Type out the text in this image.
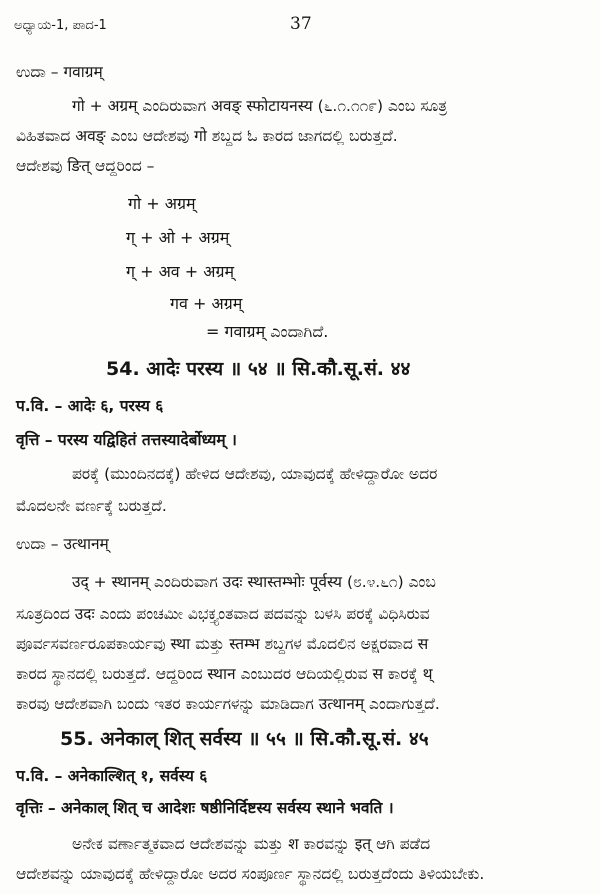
ಅಧ್ಯಾಯ-1, ಪಾದ-1	37
ಉದಾ – गवाग्रम्
गो + अग्रम् ಎಂದಿರುವಾಗ अवङ् स्फोटायनस्य (೬.೧.೧೧೯) ಎಂಬ ಸೂತ್ರ
ವಿಹಿತವಾದ अवङ् ಎಂಬ ಆದೇಶವು गो ಶಬ್ದದ ಓ ಕಾರದ ಜಾಗದಲ್ಲಿ ಬರುತ್ತದೆ.
ಆದೇಶವು ङित् ಆದ್ದರಿಂದ –
गो + अग्रम्
ग् + ओ + अग्रम्
ग् + अव + अग्रम्
गव + अग्रम्
= गवाग्रम् ಎಂದಾಗಿದೆ.
54. आदेः परस्य ॥ ५४ ॥ सि.कौ.सू.सं. ४४
प.वि. – आदेः ६, परस्य ६
वृत्ति – परस्य यद्विहितं तत्तस्यादेर्बोध्यम् ।
ಪರಕ್ಕೆ (ಮುಂದಿನದಕ್ಕೆ) ಹೇಳಿದ ಆದೇಶವು, ಯಾವುದಕ್ಕೆ ಹೇಳಿದ್ದಾರೋ ಅದರ
ಮೊದಲನೇ ವರ್ಣಕ್ಕೆ ಬರುತ್ತದೆ.
ಉದಾ – उत्थानम्
उद् + स्थानम् ಎಂದಿರುವಾಗ उदः स्थास्तम्भोः पूर्वस्य (೮.೪.೬೧) ಎಂಬ
ಸೂತ್ರದಿಂದ उदः ಎಂದು ಪಂಚಮೀ ವಿಭಕ್ತ್ಯಂತವಾದ ಪದವನ್ನು ಬಳಸಿ ಪರಕ್ಕೆ ವಿಧಿಸಿರುವ
ಪೂರ್ವಸವರ್ಣರೂಪಕಾರ್ಯವು स्था ಮತ್ತು स्तम्भ ಶಬ್ದಗಳ ಮೊದಲಿನ ಅಕ್ಷರವಾದ स
ಕಾರದ ಸ್ಥಾನದಲ್ಲಿ ಬರುತ್ತದೆ. ಆದ್ದರಿಂದ स्थान ಎಂಬುದರ ಆದಿಯಲ್ಲಿರುವ स ಕಾರಕ್ಕೆ थ्
ಕಾರವು ಆದೇಶವಾಗಿ ಬಂದು ಇತರ ಕಾರ್ಯಗಳನ್ನು ಮಾಡಿದಾಗ उत्थानम् ಎಂದಾಗುತ್ತದೆ.
55. अनेकाल् शित् सर्वस्य ॥ ५५ ॥ सि.कौ.सू.सं. ४५
प.वि. – अनेकाल्शित् १, सर्वस्य ६
वृत्तिः – अनेकाल् शित् च आदेशः षष्ठीनिर्दिष्टस्य सर्वस्य स्थाने भवति ।
ಅನೇಕ ವರ್ಣಾತ್ಮಕವಾದ ಆದೇಶವನ್ನು ಮತ್ತು श ಕಾರವನ್ನು इत् ಆಗಿ ಪಡೆದ
ಆದೇಶವನ್ನು ಯಾವುದಕ್ಕೆ ಹೇಳಿದ್ದಾರೋ ಅದರ ಸಂಪೂರ್ಣ ಸ್ಥಾನದಲ್ಲಿ ಬರುತ್ತದೆಂದು ತಿಳಿಯಬೇಕು.
